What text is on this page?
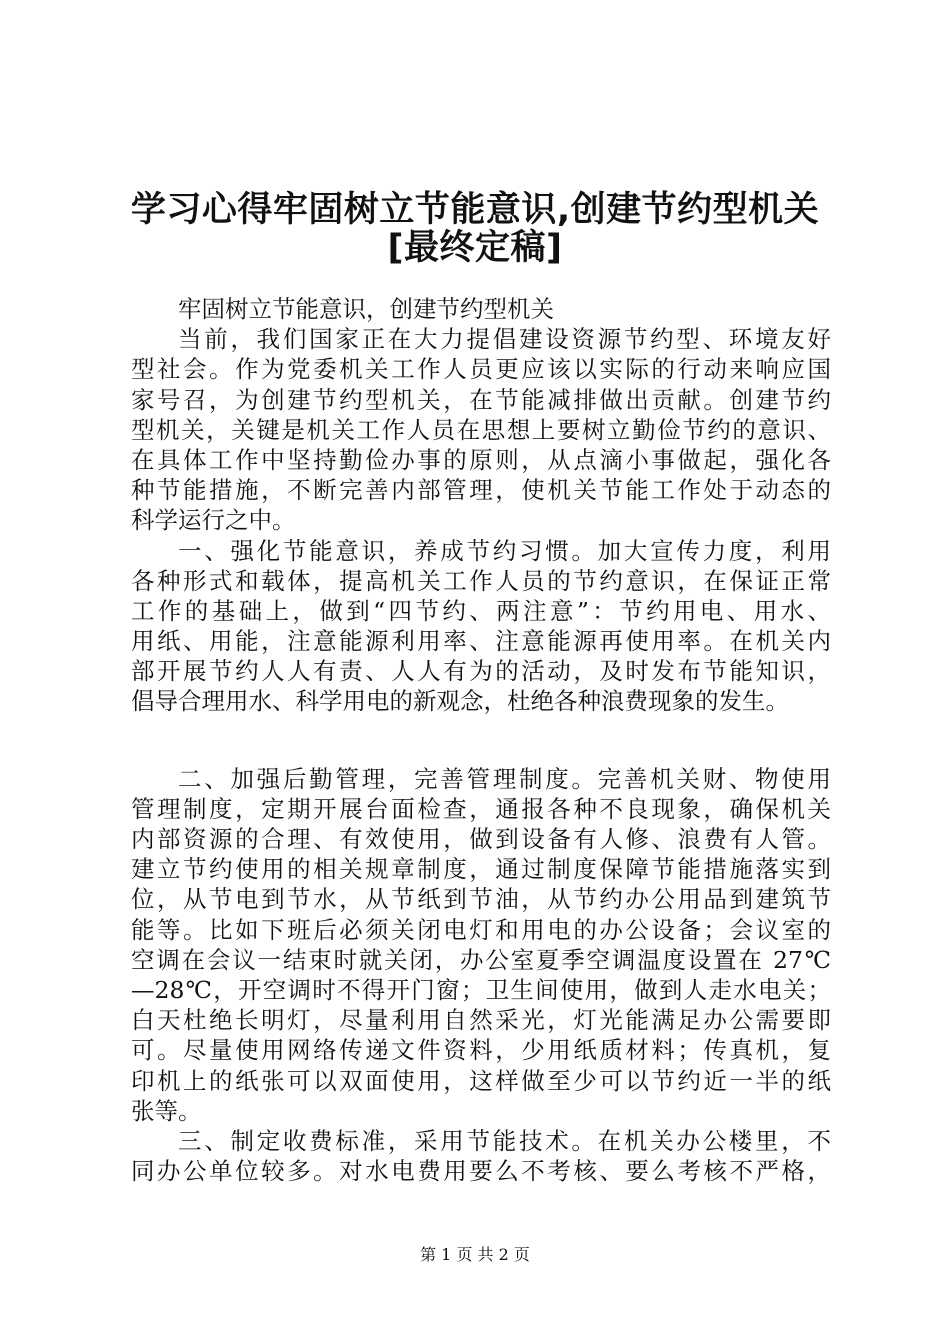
学习心得牢固树立节能意识,创建节约型机关
[最终定稿]
牢固树立节能意识，创建节约型机关
当前，我们国家正在大力提倡建设资源节约型、环境友好
型社会。作为党委机关工作人员更应该以实际的行动来响应国
家号召，为创建节约型机关，在节能减排做出贡献。创建节约
型机关，关键是机关工作人员在思想上要树立勤俭节约的意识、
在具体工作中坚持勤俭办事的原则，从点滴小事做起，强化各
种节能措施，不断完善内部管理，使机关节能工作处于动态的
科学运行之中。
一、强化节能意识，养成节约习惯。加大宣传力度，利用
各种形式和载体，提高机关工作人员的节约意识，在保证正常
工作的基础上，做到“四节约、两注意”：节约用电、用水、
用纸、用能，注意能源利用率、注意能源再使用率。在机关内
部开展节约人人有责、人人有为的活动，及时发布节能知识，
倡导合理用水、科学用电的新观念，杜绝各种浪费现象的发生。
二、加强后勤管理，完善管理制度。完善机关财、物使用
管理制度，定期开展台面检查，通报各种不良现象，确保机关
内部资源的合理、有效使用，做到设备有人修、浪费有人管。
建立节约使用的相关规章制度，通过制度保障节能措施落实到
位，从节电到节水，从节纸到节油，从节约办公用品到建筑节
能等。比如下班后必须关闭电灯和用电的办公设备；会议室的
空调在会议一结束时就关闭，办公室夏季空调温度设置在 27℃
—28℃，开空调时不得开门窗；卫生间使用，做到人走水电关；
白天杜绝长明灯，尽量利用自然采光，灯光能满足办公需要即
可。尽量使用网络传递文件资料，少用纸质材料；传真机，复
印机上的纸张可以双面使用，这样做至少可以节约近一半的纸
张等。
三、制定收费标准，采用节能技术。在机关办公楼里，不
同办公单位较多。对水电费用要么不考核、要么考核不严格，
第 1 页 共 2 页
